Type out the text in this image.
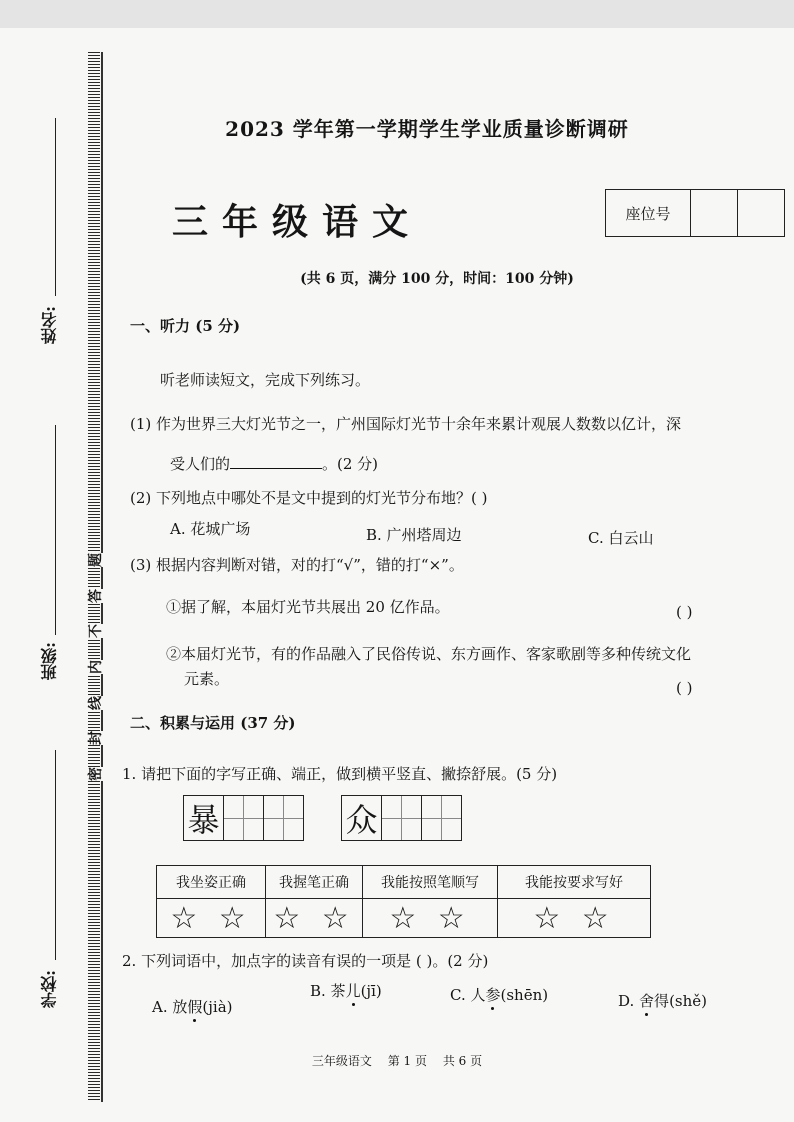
姓名:
班级:
学校:
题
答
不
内
线
封
密
2023 学年第一学期学生学业质量诊断调研
三年级语文	座位号
(共 6 页，满分 100 分，时间：100 分钟)
一、听力 (5 分)
听老师读短文，完成下列练习。
(1) 作为世界三大灯光节之一，广州国际灯光节十余年来累计观展人数数以亿计，深
受人们的	。(2 分)
(2) 下列地点中哪处不是文中提到的灯光节分布地？( )
A. 花城广场	B. 广州塔周边	C. 白云山
(3) 根据内容判断对错，对的打“√”，错的打“×”。
①据了解，本届灯光节共展出 20 亿作品。	( )
②本届灯光节，有的作品融入了民俗传说、东方画作、客家歌剧等多种传统文化
元素。	( )
二、积累与运用 (37 分)
1. 请把下面的字写正确、端正，做到横平竖直、撇捺舒展。(5 分)
暴	众
我坐姿正确	我握笔正确	我能按照笔顺写	我能按要求写好
☆ ☆	☆ ☆	☆ ☆	☆ ☆
2. 下列词语中，加点字的读音有误的一项是 ( )。(2 分)
A. 放假(jià)
B. 茶儿(jī)	C. 人参(shēn)	D. 舍得(shě)
三年级语文 第 1 页 共 6 页
